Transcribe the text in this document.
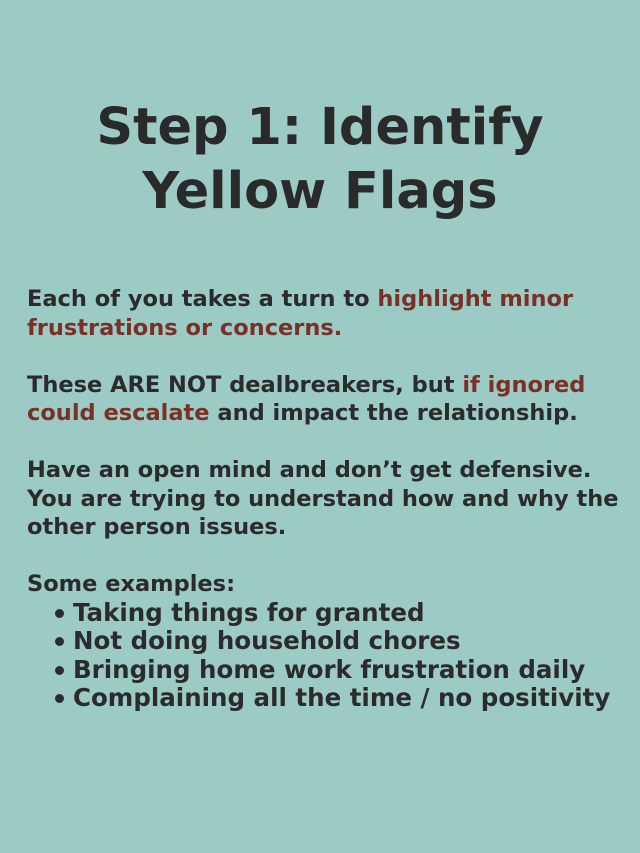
Step 1: Identify
Yellow Flags

Each of you takes a turn to highlight minor frustrations or concerns.

These ARE NOT dealbreakers, but if ignored could escalate and impact the relationship.

Have an open mind and don’t get defensive. You are trying to understand how and why the other person issues.

Some examples:

Taking things for granted
Not doing household chores
Bringing home work frustration daily
Complaining all the time / no positivity
